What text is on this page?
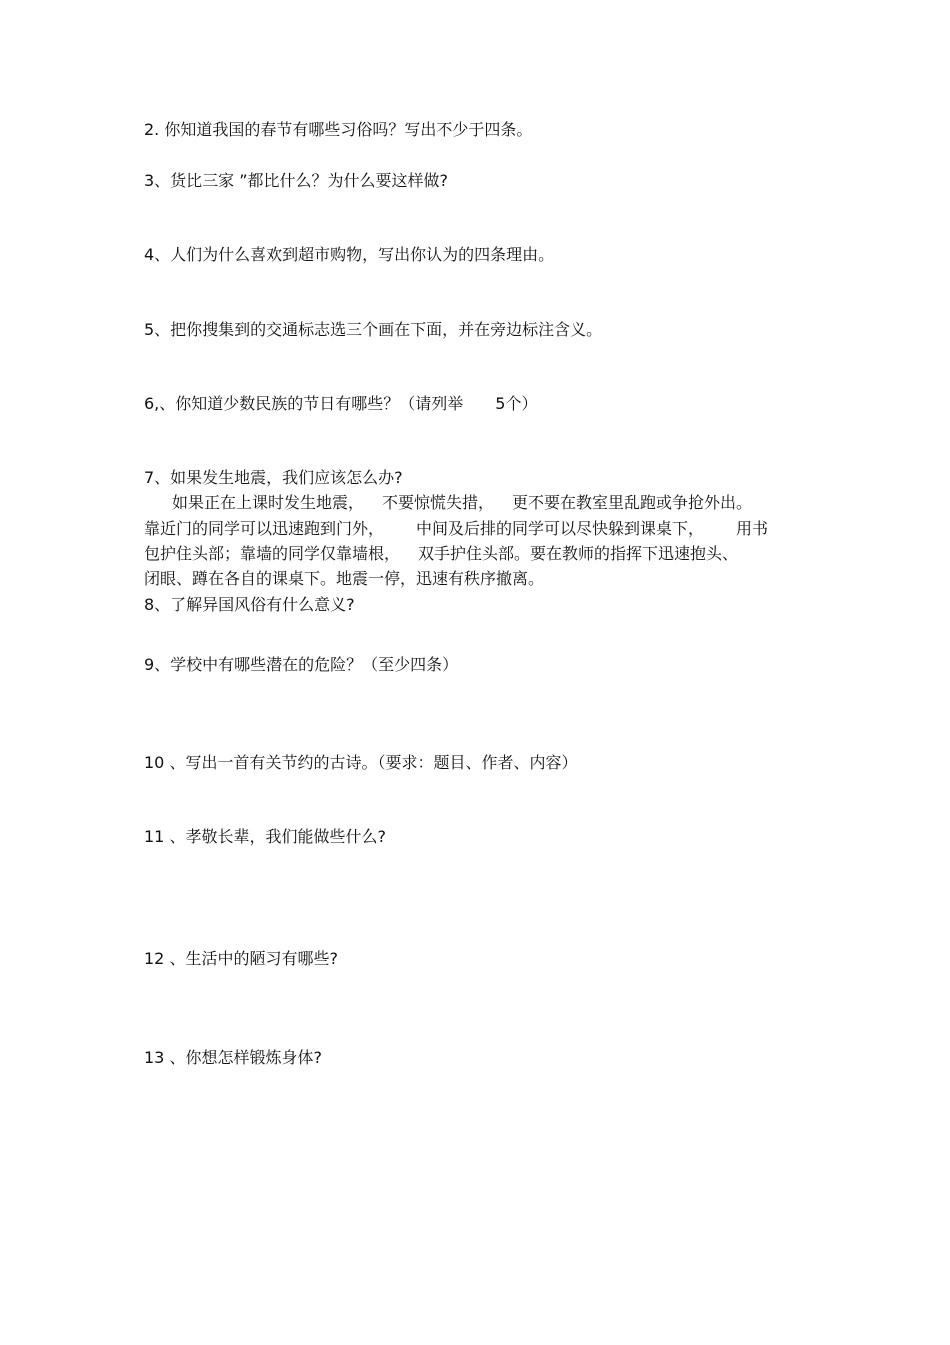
2. 你知道我国的春节有哪些习俗吗？写出不少于四条。
3、货比三家 ”都比什么？为什么要这样做?
4、人们为什么喜欢到超市购物，写出你认为的四条理由。
5、把你搜集到的交通标志选三个画在下面，并在旁边标注含义。
6,、你知道少数民族的节日有哪些？（请列举 5个）
7、如果发生地震，我们应该怎么办?
如果正在上课时发生地震， 不要惊慌失措， 更不要在教室里乱跑或争抢外出。
靠近门的同学可以迅速跑到门外， 中间及后排的同学可以尽快躲到课桌下， 用书
包护住头部；靠墙的同学仅靠墙根， 双手护住头部。要在教师的指挥下迅速抱头、
闭眼、蹲在各自的课桌下。地震一停，迅速有秩序撤离。
8、了解异国风俗有什么意义?
9、学校中有哪些潜在的危险？（至少四条）
10 、写出一首有关节约的古诗。（要求：题目、作者、内容）
11 、孝敬长辈，我们能做些什么?
12 、生活中的陋习有哪些?
13 、你想怎样锻炼身体?
